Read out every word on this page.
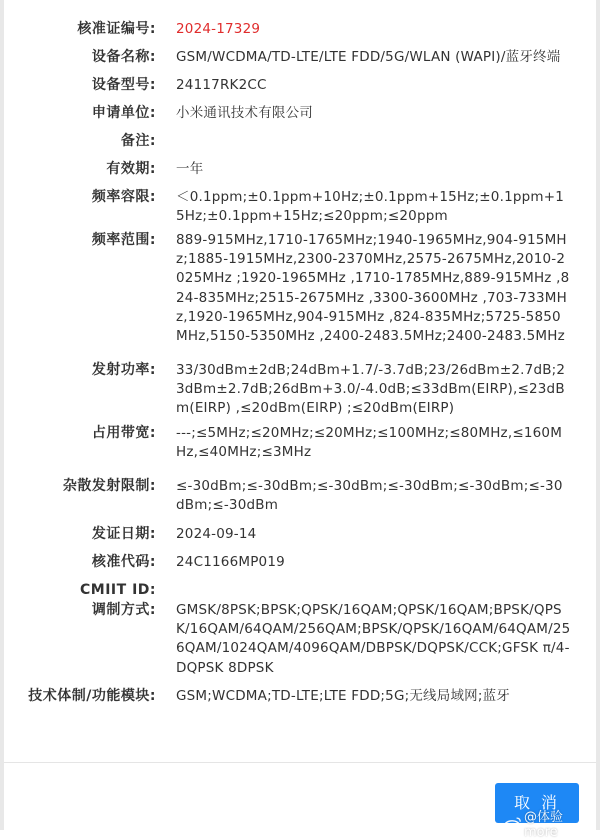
核准证编号: 2024-17329
设备名称: GSM/WCDMA/TD-LTE/LTE FDD/5G/WLAN (WAPI)/蓝牙终端
设备型号: 24117RK2CC
申请单位: 小米通讯技术有限公司
备注:
有效期: 一年
频率容限: ＜0.1ppm;±0.1ppm+10Hz;±0.1ppm+15Hz;±0.1ppm+15Hz;±0.1ppm+15Hz;≤20ppm;≤20ppm
频率范围: 889-915MHz,1710-1765MHz;1940-1965MHz,904-915MHz;1885-1915MHz,2300-2370MHz,2575-2675MHz,2010-2025MHz ;1920-1965MHz ,1710-1785MHz,889-915MHz ,824-835MHz;2515-2675MHz ,3300-3600MHz ,703-733MHz,1920-1965MHz,904-915MHz ,824-835MHz;5725-5850MHz,5150-5350MHz ,2400-2483.5MHz;2400-2483.5MHz
发射功率: 33/30dBm±2dB;24dBm+1.7/-3.7dB;23/26dBm±2.7dB;23dBm±2.7dB;26dBm+3.0/-4.0dB;≤33dBm(EIRP),≤23dBm(EIRP) ,≤20dBm(EIRP) ;≤20dBm(EIRP)
占用带宽: ---;≤5MHz;≤20MHz;≤20MHz;≤100MHz;≤80MHz,≤160MHz,≤40MHz;≤3MHz
杂散发射限制: ≤-30dBm;≤-30dBm;≤-30dBm;≤-30dBm;≤-30dBm;≤-30dBm;≤-30dBm
发证日期: 2024-09-14
核准代码: 24C1166MP019
CMIIT ID:
调制方式: GMSK/8PSK;BPSK;QPSK/16QAM;QPSK/16QAM;BPSK/QPSK/16QAM/64QAM/256QAM;BPSK/QPSK/16QAM/64QAM/256QAM/1024QAM/4096QAM/DBPSK/DQPSK/CCK;GFSK π/4-DQPSK 8DPSK
技术体制/功能模块: GSM;WCDMA;TD-LTE;LTE FDD;5G;无线局域网;蓝牙
取 消
@体验more
